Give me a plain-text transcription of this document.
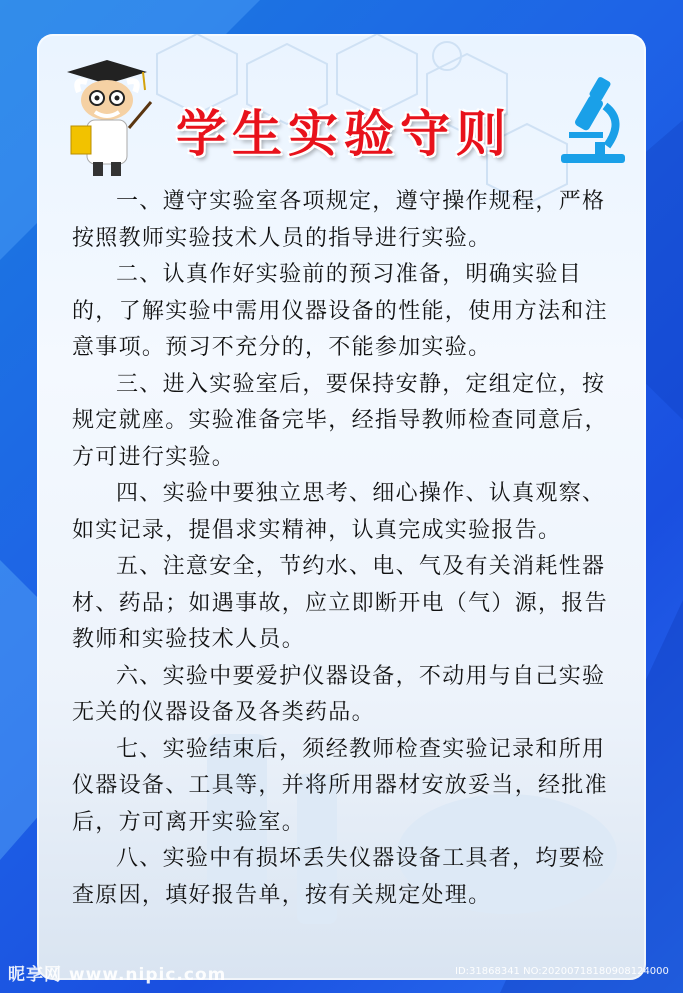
学生实验守则

一、遵守实验室各项规定，遵守操作规程，严格按照教师实验技术人员的指导进行实验。

二、认真作好实验前的预习准备，明确实验目的，了解实验中需用仪器设备的性能，使用方法和注意事项。预习不充分的，不能参加实验。

三、进入实验室后，要保持安静，定组定位，按规定就座。实验准备完毕，经指导教师检查同意后，方可进行实验。

四、实验中要独立思考、细心操作、认真观察、如实记录，提倡求实精神，认真完成实验报告。

五、注意安全，节约水、电、气及有关消耗性器材、药品；如遇事故，应立即断开电（气）源，报告教师和实验技术人员。

六、实验中要爱护仪器设备，不动用与自己实验无关的仪器设备及各类药品。

七、实验结束后，须经教师检查实验记录和所用仪器设备、工具等，并将所用器材安放妥当，经批准后，方可离开实验室。

八、实验中有损坏丢失仪器设备工具者，均要检查原因，填好报告单，按有关规定处理。

昵享网 www.nipic.com	ID:31868341 NO:20200718180908124000
